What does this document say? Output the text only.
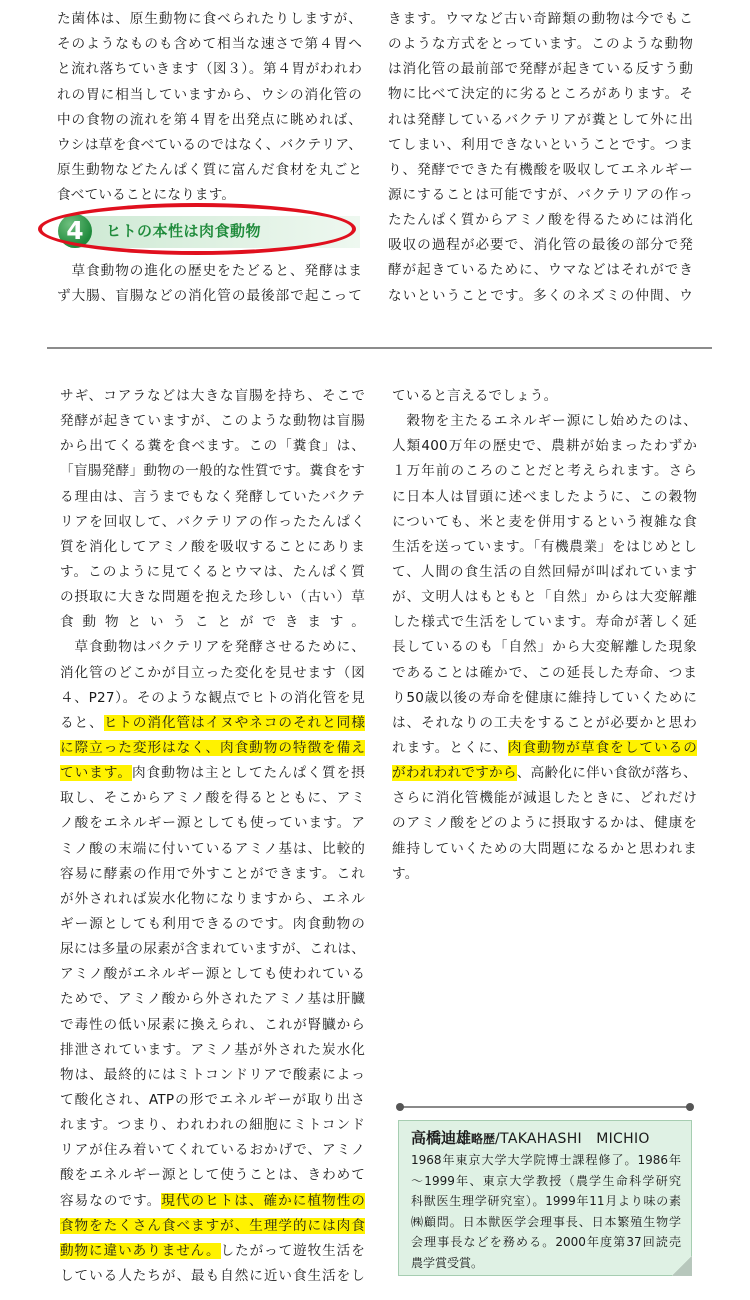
た菌体は、原生動物に食べられたりしますが、
そのようなものも含めて相当な速さで第４胃へ
と流れ落ちていきます（図３）。第４胃がわれわ
れの胃に相当していますから、ウシの消化管の
中の食物の流れを第４胃を出発点に眺めれば、
ウシは草を食べているのではなく、バクテリア、
原生動物などたんぱく質に富んだ食材を丸ごと
食べていることになります。
　草食動物の進化の歴史をたどると、発酵はま
ず大腸、盲腸などの消化管の最後部で起こって
4	ヒトの本性は肉食動物
きます。ウマなど古い奇蹄類の動物は今でもこ
のような方式をとっています。このような動物
は消化管の最前部で発酵が起きている反すう動
物に比べて決定的に劣るところがあります。そ
れは発酵しているバクテリアが糞として外に出
てしまい、利用できないということです。つま
り、発酵でできた有機酸を吸収してエネルギー
源にすることは可能ですが、バクテリアの作っ
たたんぱく質からアミノ酸を得るためには消化
吸収の過程が必要で、消化管の最後の部分で発
酵が起きているために、ウマなどはそれができ
ないということです。多くのネズミの仲間、ウ
サギ、コアラなどは大きな盲腸を持ち、そこで
発酵が起きていますが、このような動物は盲腸
から出てくる糞を食べます。この「糞食」は、
「盲腸発酵」動物の一般的な性質です。糞食をす
る理由は、言うまでもなく発酵していたバクテ
リアを回収して、バクテリアの作ったたんぱく
質を消化してアミノ酸を吸収することにありま
す。このように見てくるとウマは、たんぱく質
の摂取に大きな問題を抱えた珍しい（古い）草
食動物ということができます。
　草食動物はバクテリアを発酵させるために、
消化管のどこかが目立った変化を見せます（図
４、P27）。そのような観点でヒトの消化管を見
ると、ヒトの消化管はイヌやネコのそれと同様
に際立った変形はなく、肉食動物の特徴を備え
ています。肉食動物は主としてたんぱく質を摂
取し、そこからアミノ酸を得るとともに、アミ
ノ酸をエネルギー源としても使っています。ア
ミノ酸の末端に付いているアミノ基は、比較的
容易に酵素の作用で外すことができます。これ
が外されれば炭水化物になりますから、エネル
ギー源としても利用できるのです。肉食動物の
尿には多量の尿素が含まれていますが、これは、
アミノ酸がエネルギー源としても使われている
ためで、アミノ酸から外されたアミノ基は肝臓
で毒性の低い尿素に換えられ、これが腎臓から
排泄されています。アミノ基が外された炭水化
物は、最終的にはミトコンドリアで酸素によっ
て酸化され、ATPの形でエネルギーが取り出さ
れます。つまり、われわれの細胞にミトコンド
リアが住み着いてくれているおかげで、アミノ
酸をエネルギー源として使うことは、きわめて
容易なのです。現代のヒトは、確かに植物性の
食物をたくさん食べますが、生理学的には肉食
動物に違いありません。したがって遊牧生活を
している人たちが、最も自然に近い食生活をし
ていると言えるでしょう。
　穀物を主たるエネルギー源にし始めたのは、
人類400万年の歴史で、農耕が始まったわずか
１万年前のころのことだと考えられます。さら
に日本人は冒頭に述べましたように、この穀物
についても、米と麦を併用するという複雑な食
生活を送っています。「有機農業」をはじめとし
て、人間の食生活の自然回帰が叫ばれています
が、文明人はもともと「自然」からは大変解離
した様式で生活をしています。寿命が著しく延
長しているのも「自然」から大変解離した現象
であることは確かで、この延長した寿命、つま
り50歳以後の寿命を健康に維持していくために
は、それなりの工夫をすることが必要かと思わ
れます。とくに、肉食動物が草食をしているの
がわれわれですから、高齢化に伴い食欲が落ち、
さらに消化管機能が減退したときに、どれだけ
のアミノ酸をどのように摂取するかは、健康を
維持していくための大問題になるかと思われま
す。
高橋迪雄略歴/TAKAHASHI　MICHIO
1968年東京大学大学院博士課程修了。1986年
～1999年、東京大学教授（農学生命科学研究
科獣医生理学研究室）。1999年11月より味の素
㈱顧問。日本獣医学会理事長、日本繁殖生物学
会理事長などを務める。2000年度第37回読売
農学賞受賞。
